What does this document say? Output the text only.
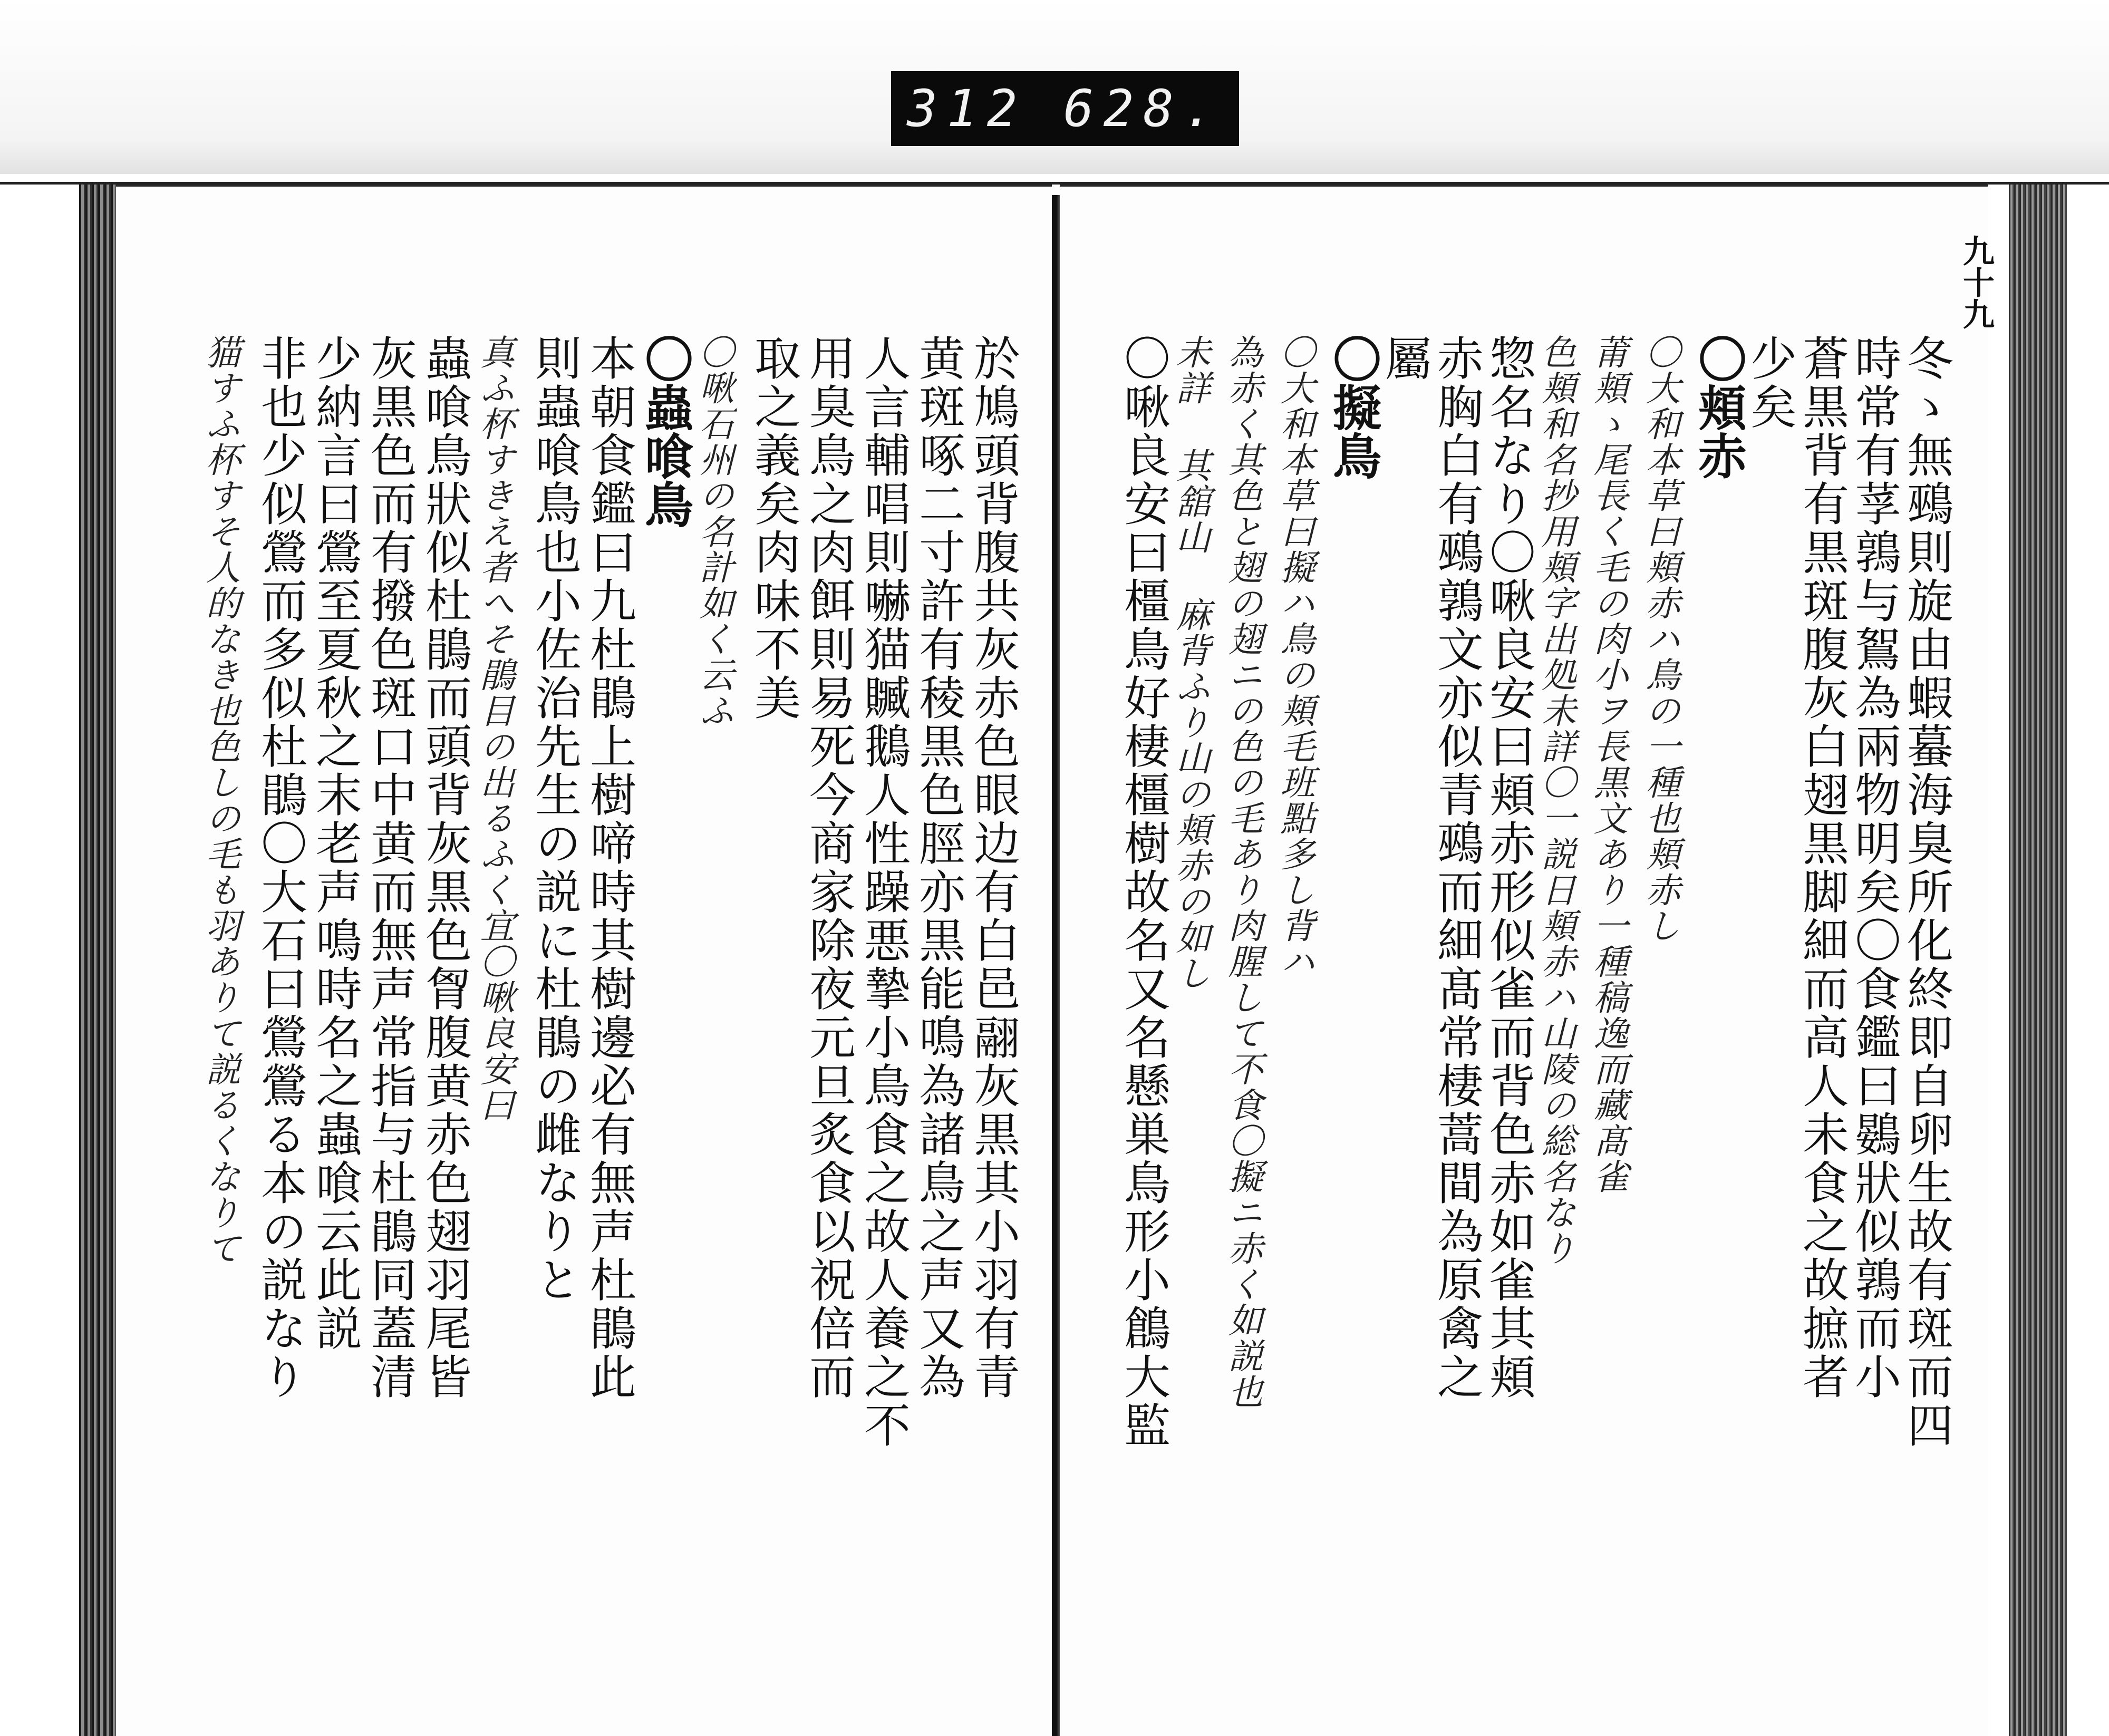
312 628.
於鳩頭背腹共灰赤色眼边有白邑翮灰黒其小羽有青
黄斑啄二寸許有稜黒色脛亦黒能鳴為諸鳥之声又為
人言輔唱則嚇猫贓鵝人性躁悪摯小鳥食之故人養之不
用臭鳥之肉餌則易死今商家除夜元旦炙食以祝倍而
取之義矣肉味不美
〇啾石州の名計如く云ふ
〇蟲喰鳥
本朝食鑑曰九杜鵑上樹啼時其樹邊必有無声杜鵑此
則蟲喰鳥也小佐治先生の説に杜鵑の雌なりと
真ふ杯すきえ者へそ鵑目の出るふく宜〇啾良安曰
蟲喰鳥狀似杜鵑而頭背灰黒色胷腹黄赤色翅羽尾皆
灰黒色而有撥色斑口中黄而無声常指与杜鵑同蓋清
少納言曰鶯至夏秋之末老声鳴時名之蟲喰云此説
非也少似鶯而多似杜鵑〇大石曰鶯鶯る本の説なり
猫すふ杯すそ人的なき也色しの毛も羽ありて説るくなりて	冬ゝ無鵐則旋由蝦蟇海臭所化終即自卵生故有斑而四
時常有莩鶉与鴽為兩物明矣〇食鑑曰鷃狀似鶉而小
蒼黒背有黒斑腹灰白翅黒脚細而高人未食之故摭者
少矣
〇頬赤
〇大和本草曰頬赤ハ鳥の一種也頬赤し
莆頬ゝ尾長く毛の肉小ヲ長黒文あり一種稿逸而藏髙雀
色頬和名抄用頬字出処未詳〇一説日頬赤ハ山陵の総名なり
惣名なり〇啾良安曰頬赤形似雀而背色赤如雀其頬
赤胸白有鵐鶉文亦似青鵐而細髙常棲蒿間為原禽之
屬
〇擬鳥
〇大和本草曰擬ハ鳥の頬毛班點多し背ハ
為赤く其色と翅の翅ニの色の毛あり肉腥して不食〇擬ニ赤く如説也
未詳 其舘山 麻背ふり山の頬赤の如し
〇啾良安曰橿鳥好棲橿樹故名又名懸巣鳥形小鶬大監
九十九
